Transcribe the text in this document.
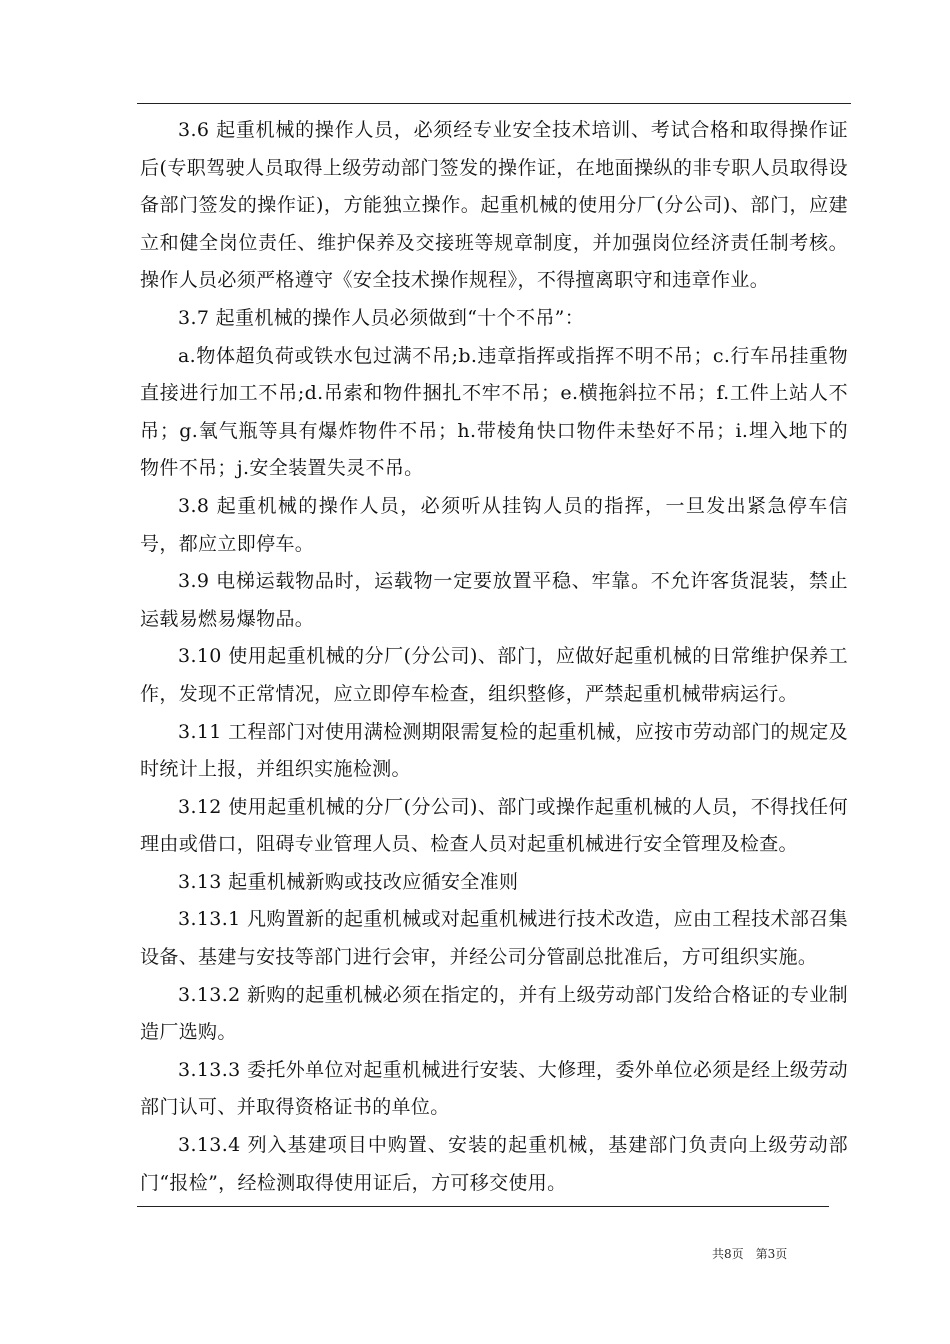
3.6 起重机械的操作人员，必须经专业安全技术培训、考试合格和取得操作证后(专职驾驶人员取得上级劳动部门签发的操作证，在地面操纵的非专职人员取得设备部门签发的操作证)，方能独立操作。起重机械的使用分厂(分公司)、部门，应建立和健全岗位责任、维护保养及交接班等规章制度，并加强岗位经济责任制考核。操作人员必须严格遵守《安全技术操作规程》，不得擅离职守和违章作业。

3.7 起重机械的操作人员必须做到“十个不吊”：

a.物体超负荷或铁水包过满不吊;b.违章指挥或指挥不明不吊；c.行车吊挂重物直接进行加工不吊;d.吊索和物件捆扎不牢不吊；e.横拖斜拉不吊；f.工件上站人不吊；g.氧气瓶等具有爆炸物件不吊；h.带棱角快口物件未垫好不吊；i.埋入地下的物件不吊；j.安全装置失灵不吊。

3.8 起重机械的操作人员，必须听从挂钩人员的指挥，一旦发出紧急停车信号，都应立即停车。

3.9 电梯运载物品时，运载物一定要放置平稳、牢靠。不允许客货混装，禁止运载易燃易爆物品。

3.10 使用起重机械的分厂(分公司)、部门，应做好起重机械的日常维护保养工作，发现不正常情况，应立即停车检查，组织整修，严禁起重机械带病运行。

3.11 工程部门对使用满检测期限需复检的起重机械，应按市劳动部门的规定及时统计上报，并组织实施检测。

3.12 使用起重机械的分厂(分公司)、部门或操作起重机械的人员，不得找任何理由或借口，阻碍专业管理人员、检查人员对起重机械进行安全管理及检查。

3.13 起重机械新购或技改应循安全准则

3.13.1 凡购置新的起重机械或对起重机械进行技术改造，应由工程技术部召集设备、基建与安技等部门进行会审，并经公司分管副总批准后，方可组织实施。

3.13.2 新购的起重机械必须在指定的，并有上级劳动部门发给合格证的专业制造厂选购。

3.13.3 委托外单位对起重机械进行安装、大修理，委外单位必须是经上级劳动部门认可、并取得资格证书的单位。

3.13.4 列入基建项目中购置、安装的起重机械，基建部门负责向上级劳动部门“报检”，经检测取得使用证后，方可移交使用。

共8页 第3页
